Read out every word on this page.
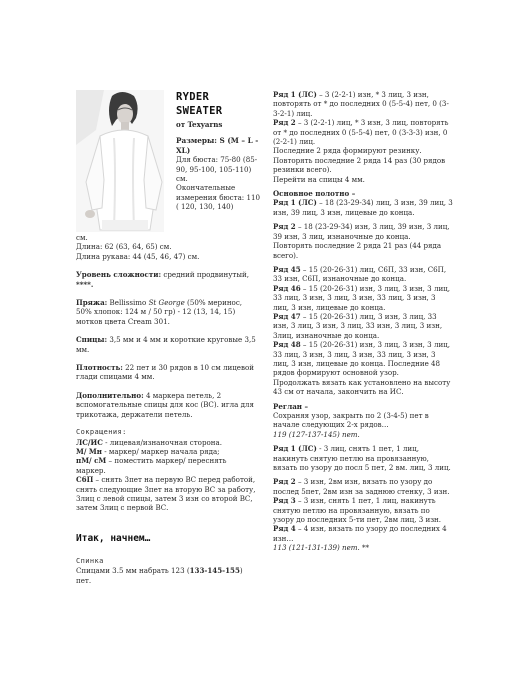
RYDER

SWEATER

от Texyarns

Размеры: S (M – L - XL)

Для бюста: 75-80 (85-90, 95-100, 105-110) см.

Окончательные измерения бюста: 110 ( 120, 130, 140)

см.

Длина: 62 (63, 64, 65) см.

Длина рукава: 44 (45, 46, 47) см.

Уровень сложности: средний продвинутый,
****.

Пряжа: Bellissimo St George (50% мериноc, 50% хлопок: 124 м / 50 гр) - 12 (13, 14, 15) мотков цвета Cream 301.

Спицы: 3,5 мм и 4 мм и короткие круговые 3,5 мм.

Плотность: 22 пет и 30 рядов в 10 см лицевой глади спицами 4 мм.

Дополнительно: 4 маркера петель, 2 вспомогательные спицы для кос (ВС). игла для трикотажа, держатели петель.

Сокращения:

ЛС/ИС - лицевая/изнаночная сторона.

М/ Мн - маркер/ маркер начала ряда;

пМ/ сМ – поместить маркер/ переснять маркер.

С6П – снять 3пет на первую ВС перед работой, снять следующие 3пет на вторую ВС за работу, 3лиц с левой спицы, затем 3 изн со второй ВС, затем 3лиц с первой ВС.

Итак, начнем…

Спинка

Спицами 3.5 мм набрать 123 (133-145-155) пет.

Ряд 1 (ЛС) – 3 (2-2-1) изн, * 3 лиц, 3 изн, повторять от * до последних 0 (5-5-4) пет, 0 (3-3-2-1) лиц.

Ряд 2 – 3 (2-2-1) лиц, * 3 изн, 3 лиц, повторять от * до последних 0 (5-5-4) пет, 0 (3-3-3) изн, 0 (2-2-1) лиц.

Последние 2 ряда формируют резинку.

Повторять последние 2 ряда 14 раз (30 рядов резинки всего).

Перейти на спицы 4 мм.

Основное полотно –

Ряд 1 (ЛС) – 18 (23-29-34) лиц, 3 изн, 39 лиц, 3 изн, 39 лиц, 3 изн, лицевые до конца.

Ряд 2 – 18 (23-29-34) изн, 3 лиц, 39 изн, 3 лиц, 39 изн, 3 лиц, изнаночные до конца.

Повторять последние 2 ряда 21 раз (44 ряда всего).

Ряд 45 – 15 (20-26-31) лиц, С6П, 33 изн, С6П, 33 изн, С6П, изнаночные до конца.

Ряд 46 – 15 (20-26-31) изн, 3 лиц, 3 изн, 3 лиц, 33 лиц, 3 изн, 3 лиц, 3 изн, 33 лиц, 3 изн, 3 лиц, 3 изн, лицевые до конца.

Ряд 47 – 15 (20-26-31) лиц, 3 изн, 3 лиц, 33 изн, 3 лиц, 3 изн, 3 лиц, 33 изн, 3 лиц, 3 изн, 3лиц, изнаночные до конца.

Ряд 48 – 15 (20-26-31) изн, 3 лиц, 3 изн, 3 лиц, 33 лиц, 3 изн, 3 лиц, 3 изн, 33 лиц, 3 изн, 3 лиц, 3 изн, лицевые до конца. Последние 48 рядов формируют основной узор.

Продолжать вязать как установлено на высоту 43 см от начала, закончить на ИС.

Реглан –

Сохраняя узор, закрыть по 2 (3-4-5) пет в начале следующих 2-х рядов…

119 (127-137-145) пет.

Ряд 1 (ЛС) - 3 лиц, снять 1 пет, 1 лиц, накинуть снятую петлю на провязанную, вязать по узору до посл 5 пет, 2 вм. лиц, 3 лиц.

Ряд 2 – 3 изн, 2вм изн, вязать по узору до послед 5пет, 2вм изн за заднюю стенку, 3 изн.

Ряд 3 – 3 изн, снять 1 пет, 1 лиц, накинуть снятую петлю на провязанную, вязать по узору до последних 5-ти пет, 2вм лиц, 3 изн.

Ряд 4 – 4 изн, вязать по узору до последних 4 изн…

113 (121-131-139) пет. **
